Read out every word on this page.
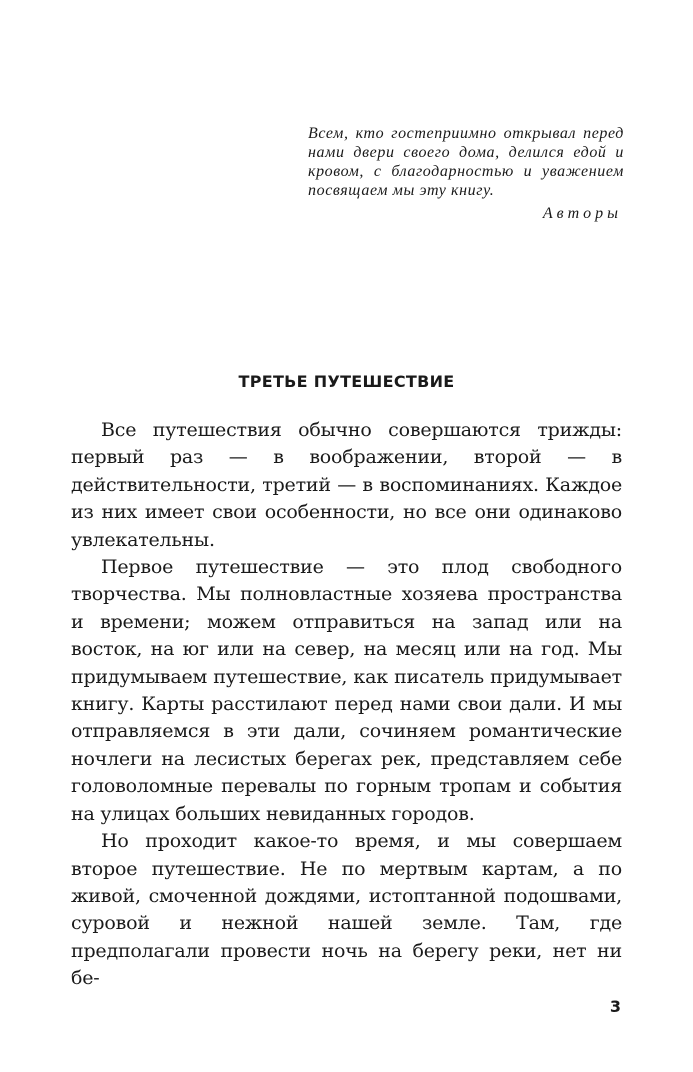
Всем, кто гостеприимно открывал перед нами двери своего дома, делился едой и кровом, с благодарностью и уважением посвящаем мы эту книгу.

Авторы

ТРЕТЬЕ ПУТЕШЕСТВИЕ

Все путешествия обычно совершаются трижды: первый раз — в воображении, второй — в действительности, третий — в воспоминаниях. Каждое из них имеет свои особенности, но все они одинаково увлекательны.

Первое путешествие — это плод свободного творчества. Мы полновластные хозяева пространства и времени; можем отправиться на запад или на восток, на юг или на север, на месяц или на год. Мы придумываем путешествие, как писатель придумывает книгу. Карты расстилают перед нами свои дали. И мы отправляемся в эти дали, сочиняем романтические ночлеги на лесистых берегах рек, представляем себе головоломные перевалы по горным тропам и события на улицах больших невиданных городов.

Но проходит какое-то время, и мы совершаем второе путешествие. Не по мертвым картам, а по живой, смоченной дождями, истоптанной подошвами, суровой и нежной нашей земле. Там, где предполагали провести ночь на берегу реки, нет ни бе-

3
